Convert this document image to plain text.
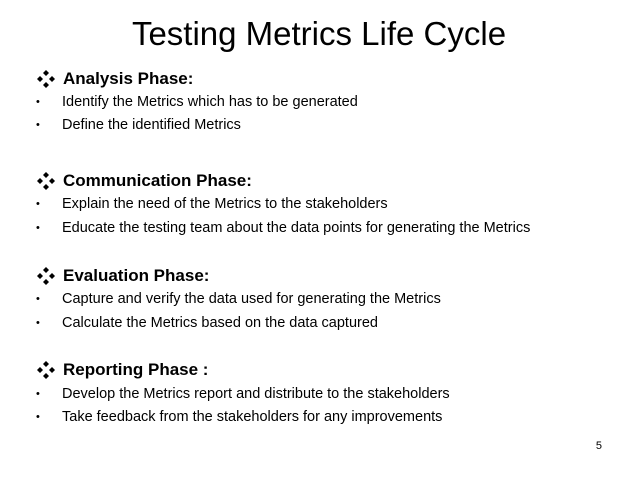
Testing Metrics Life Cycle
Analysis Phase:
•	Identify the Metrics which has to be generated
•	Define the identified Metrics
Communication Phase:
•	Explain the need of the Metrics to the stakeholders
•	Educate the testing team about the data points for generating the Metrics
Evaluation Phase:
•	Capture and verify the data used for generating the Metrics
•	Calculate the Metrics based on the data captured
Reporting Phase :
•	Develop the Metrics report and distribute to the stakeholders
•	Take feedback from the stakeholders for any improvements
5
